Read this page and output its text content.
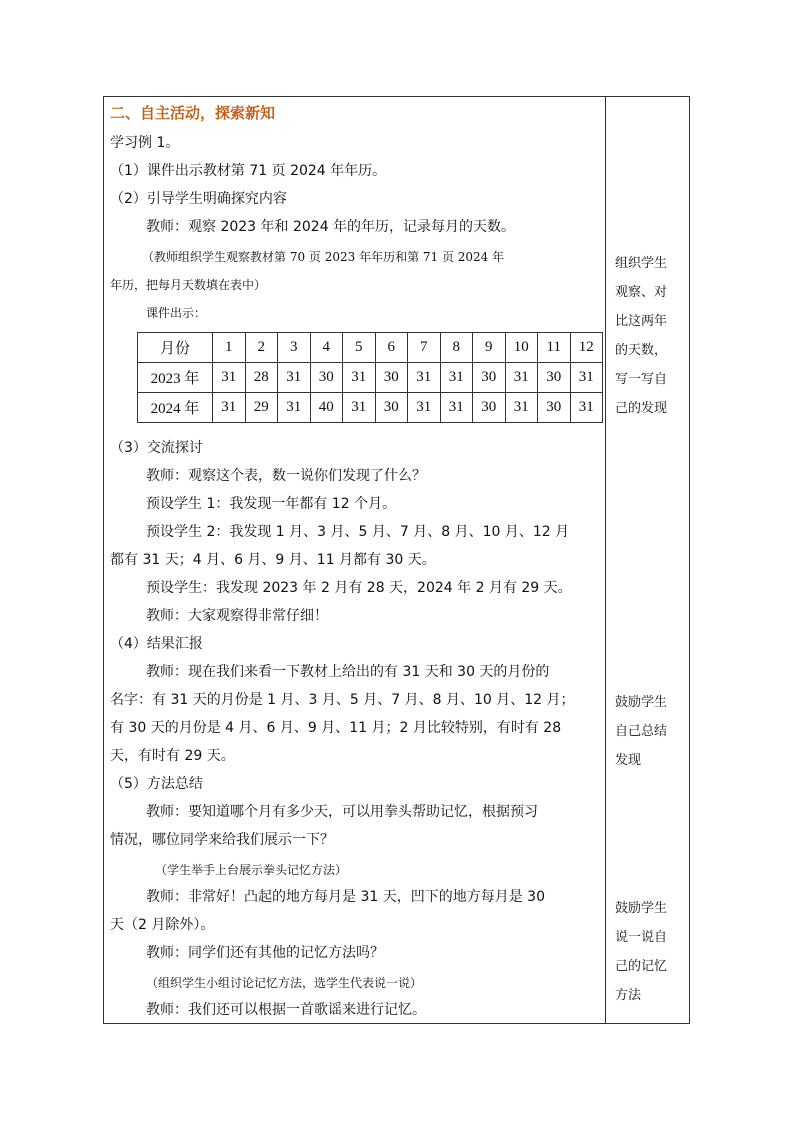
二、自主活动，探索新知
学习例 1。
（1）课件出示教材第 71 页 2024 年年历。
（2）引导学生明确探究内容
教师：观察 2023 年和 2024 年的年历，记录每月的天数。
（教师组织学生观察教材第 70 页 2023 年年历和第 71 页 2024 年
年历，把每月天数填在表中）
课件出示：
月份	1	2	3	4	5	6	7	8	9	10	11	12
2023 年	31	28	31	30	31	30	31	31	30	31	30	31
2024 年	31	29	31	40	31	30	31	31	30	31	30	31
（3）交流探讨
教师：观察这个表，数一说你们发现了什么？
预设学生 1：我发现一年都有 12 个月。
预设学生 2：我发现 1 月、3 月、5 月、7 月、8 月、10 月、12 月
都有 31 天；4 月、6 月、9 月、11 月都有 30 天。
预设学生：我发现 2023 年 2 月有 28 天，2024 年 2 月有 29 天。
教师：大家观察得非常仔细！
（4）结果汇报
教师：现在我们来看一下教材上给出的有 31 天和 30 天的月份的
名字：有 31 天的月份是 1 月、3 月、5 月、7 月、8 月、10 月、12 月；
有 30 天的月份是 4 月、6 月、9 月、11 月；2 月比较特别，有时有 28
天，有时有 29 天。
（5）方法总结
教师：要知道哪个月有多少天，可以用拳头帮助记忆，根据预习
情况，哪位同学来给我们展示一下？
（学生举手上台展示拳头记忆方法）
教师：非常好！凸起的地方每月是 31 天，凹下的地方每月是 30
天（2 月除外）。
教师：同学们还有其他的记忆方法吗？
（组织学生小组讨论记忆方法，选学生代表说一说）
教师：我们还可以根据一首歌谣来进行记忆。
组织学生
观察、对
比这两年
的天数，
写一写自
己的发现
鼓励学生
自己总结
发现
鼓励学生
说一说自
己的记忆
方法
